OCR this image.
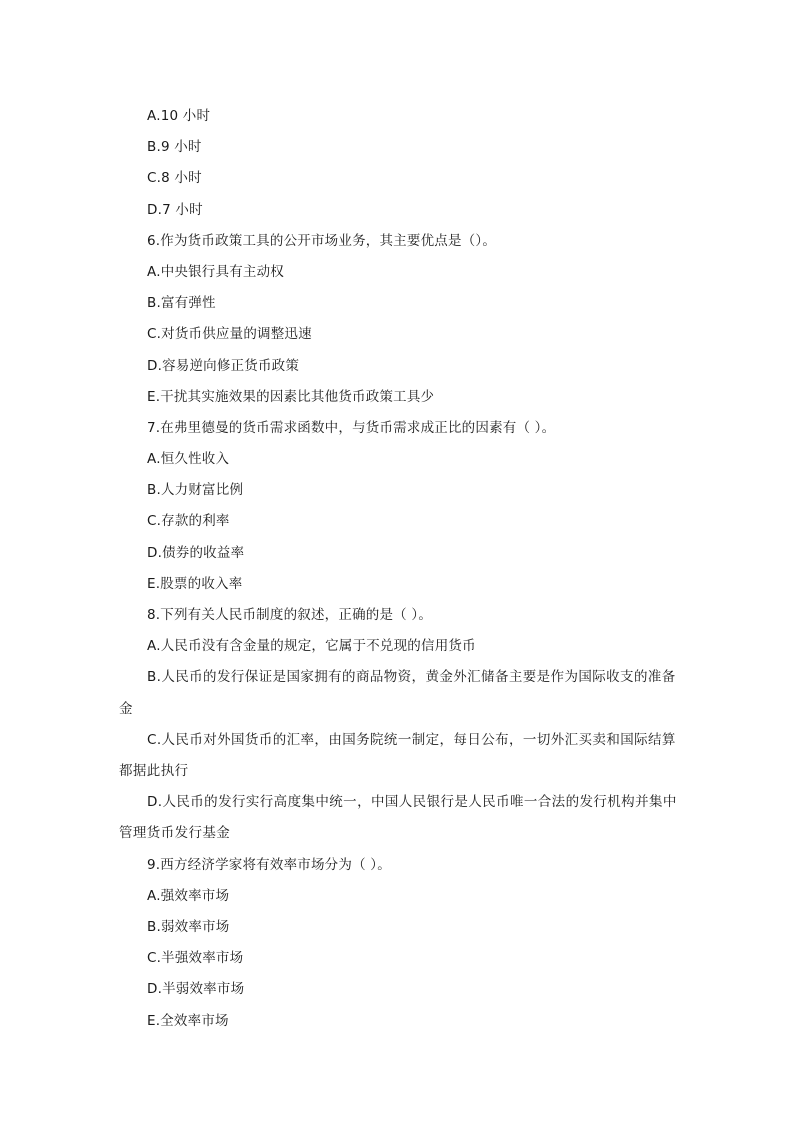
A.10 小时
B.9 小时
C.8 小时
D.7 小时
6.作为货币政策工具的公开市场业务，其主要优点是（）。
A.中央银行具有主动权
B.富有弹性
C.对货币供应量的调整迅速
D.容易逆向修正货币政策
E.干扰其实施效果的因素比其他货币政策工具少
7.在弗里德曼的货币需求函数中，与货币需求成正比的因素有（ ）。
A.恒久性收入
B.人力财富比例
C.存款的利率
D.债券的收益率
E.股票的收入率
8.下列有关人民币制度的叙述，正确的是（ ）。
A.人民币没有含金量的规定，它属于不兑现的信用货币
B.人民币的发行保证是国家拥有的商品物资，黄金外汇储备主要是作为国际收支的准备金
C.人民币对外国货币的汇率，由国务院统一制定，每日公布，一切外汇买卖和国际结算都据此执行
D.人民币的发行实行高度集中统一，中国人民银行是人民币唯一合法的发行机构并集中管理货币发行基金
9.西方经济学家将有效率市场分为（ ）。
A.强效率市场
B.弱效率市场
C.半强效率市场
D.半弱效率市场
E.全效率市场
